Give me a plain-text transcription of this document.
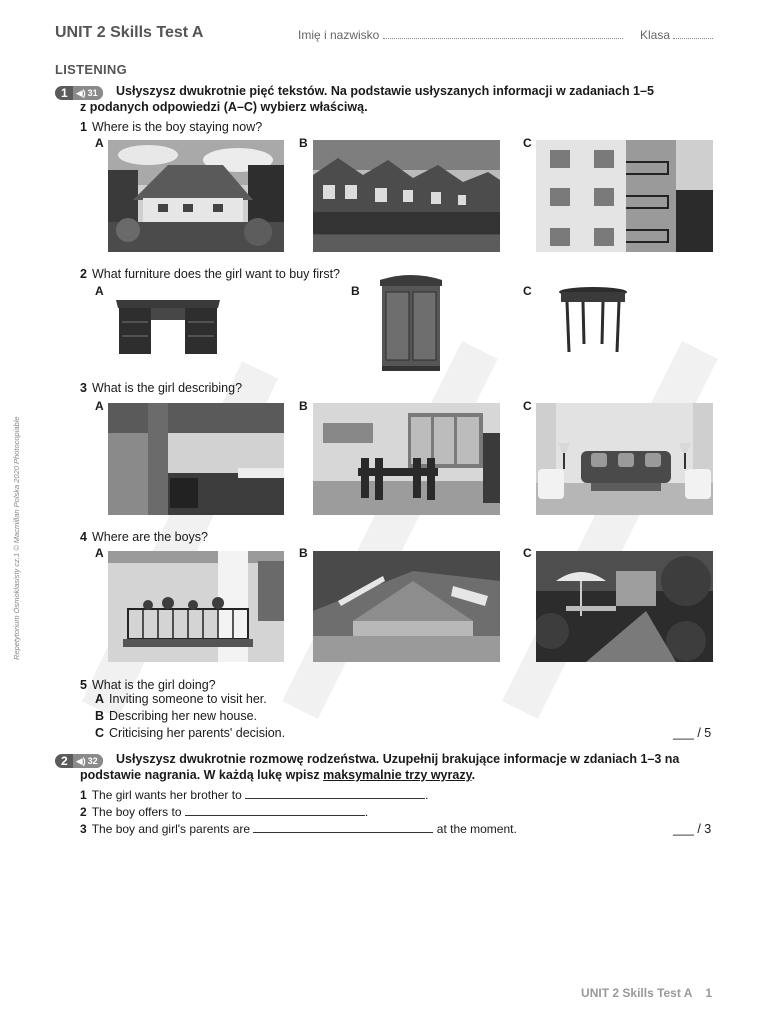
UNIT 2 Skills Test A	Imię i nazwisko	Klasa
LISTENING
1 ◀︎) 31 Usłyszysz dwukrotnie pięć tekstów. Na podstawie usłyszanych informacji w zadaniach 1–5
z podanych odpowiedzi (A–C) wybierz właściwą.
1 Where is the boy staying now?
A	B	C
2 What furniture does the girl want to buy first?
A	B	C
3 What is the girl describing?
A	B	C
4 Where are the boys?
A	B	C
5 What is the girl doing?
A Inviting someone to visit her.
B Describing her new house.
C Criticising her parents' decision.	___ / 5
2 ◀︎) 32 Usłyszysz dwukrotnie rozmowę rodzeństwa. Uzupełnij brakujące informacje w zdaniach 1–3 na
podstawie nagrania. W każdą lukę wpisz maksymalnie trzy wyrazy.
1 The girl wants her brother to	.
2 The boy offers to	.
3 The boy and girl's parents are	at the moment.	___ / 3
Repetytorium Ósmoklasisty cz.1 © Macmillan Polska 2020 Photocopiable
UNIT 2 Skills Test A 1
